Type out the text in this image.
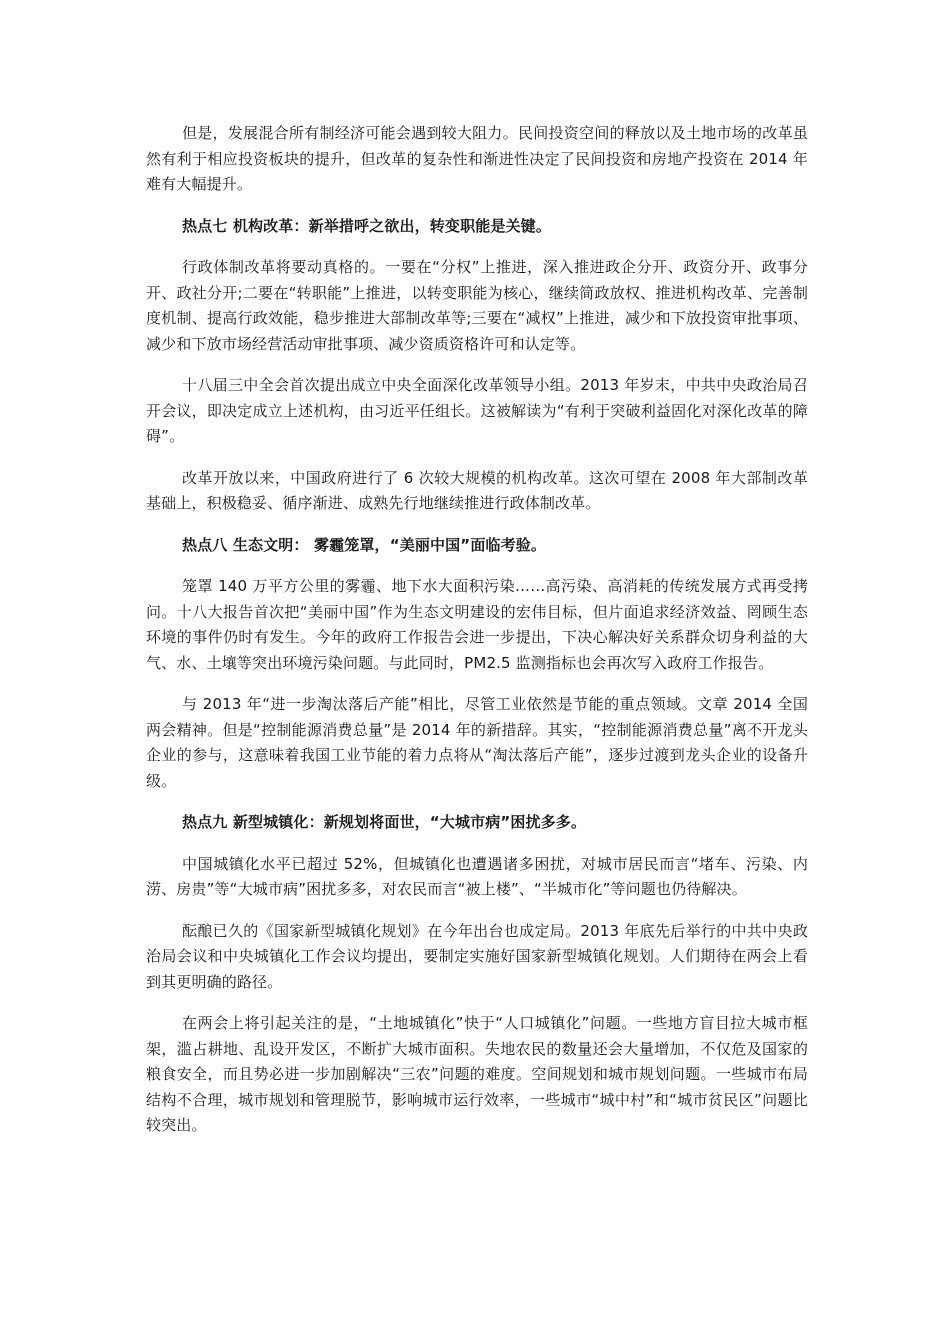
但是，发展混合所有制经济可能会遇到较大阻力。民间投资空间的释放以及土地市场的改革虽然有利于相应投资板块的提升，但改革的复杂性和渐进性决定了民间投资和房地产投资在 2014 年难有大幅提升。

热点七 机构改革：新举措呼之欲出，转变职能是关键。

行政体制改革将要动真格的。一要在“分权”上推进，深入推进政企分开、政资分开、政事分开、政社分开;二要在“转职能”上推进，以转变职能为核心，继续简政放权、推进机构改革、完善制度机制、提高行政效能，稳步推进大部制改革等;三要在“减权”上推进，减少和下放投资审批事项、减少和下放市场经营活动审批事项、减少资质资格许可和认定等。

十八届三中全会首次提出成立中央全面深化改革领导小组。2013 年岁末，中共中央政治局召开会议，即决定成立上述机构，由习近平任组长。这被解读为“有利于突破利益固化对深化改革的障碍”。

改革开放以来，中国政府进行了 6 次较大规模的机构改革。这次可望在 2008 年大部制改革基础上，积极稳妥、循序渐进、成熟先行地继续推进行政体制改革。

热点八 生态文明： 雾霾笼罩，“美丽中国”面临考验。

笼罩 140 万平方公里的雾霾、地下水大面积污染……高污染、高消耗的传统发展方式再受拷问。十八大报告首次把“美丽中国”作为生态文明建设的宏伟目标，但片面追求经济效益、罔顾生态环境的事件仍时有发生。今年的政府工作报告会进一步提出，下决心解决好关系群众切身利益的大气、水、土壤等突出环境污染问题。与此同时，PM2.5 监测指标也会再次写入政府工作报告。

与 2013 年“进一步淘汰落后产能”相比，尽管工业依然是节能的重点领域。文章 2014 全国两会精神。但是“控制能源消费总量”是 2014 年的新措辞。其实，“控制能源消费总量”离不开龙头企业的参与，这意味着我国工业节能的着力点将从“淘汰落后产能”，逐步过渡到龙头企业的设备升级。

热点九 新型城镇化：新规划将面世，“大城市病”困扰多多。

中国城镇化水平已超过 52%，但城镇化也遭遇诸多困扰，对城市居民而言“堵车、污染、内涝、房贵”等“大城市病”困扰多多，对农民而言“被上楼”、“半城市化”等问题也仍待解决。

酝酿已久的《国家新型城镇化规划》在今年出台也成定局。2013 年底先后举行的中共中央政治局会议和中央城镇化工作会议均提出，要制定实施好国家新型城镇化规划。人们期待在两会上看到其更明确的路径。

在两会上将引起关注的是，“土地城镇化”快于“人口城镇化”问题。一些地方盲目拉大城市框架，滥占耕地、乱设开发区，不断扩大城市面积。失地农民的数量还会大量增加，不仅危及国家的粮食安全，而且势必进一步加剧解决“三农”问题的难度。空间规划和城市规划问题。一些城市布局结构不合理，城市规划和管理脱节，影响城市运行效率，一些城市“城中村”和“城市贫民区”问题比较突出。
